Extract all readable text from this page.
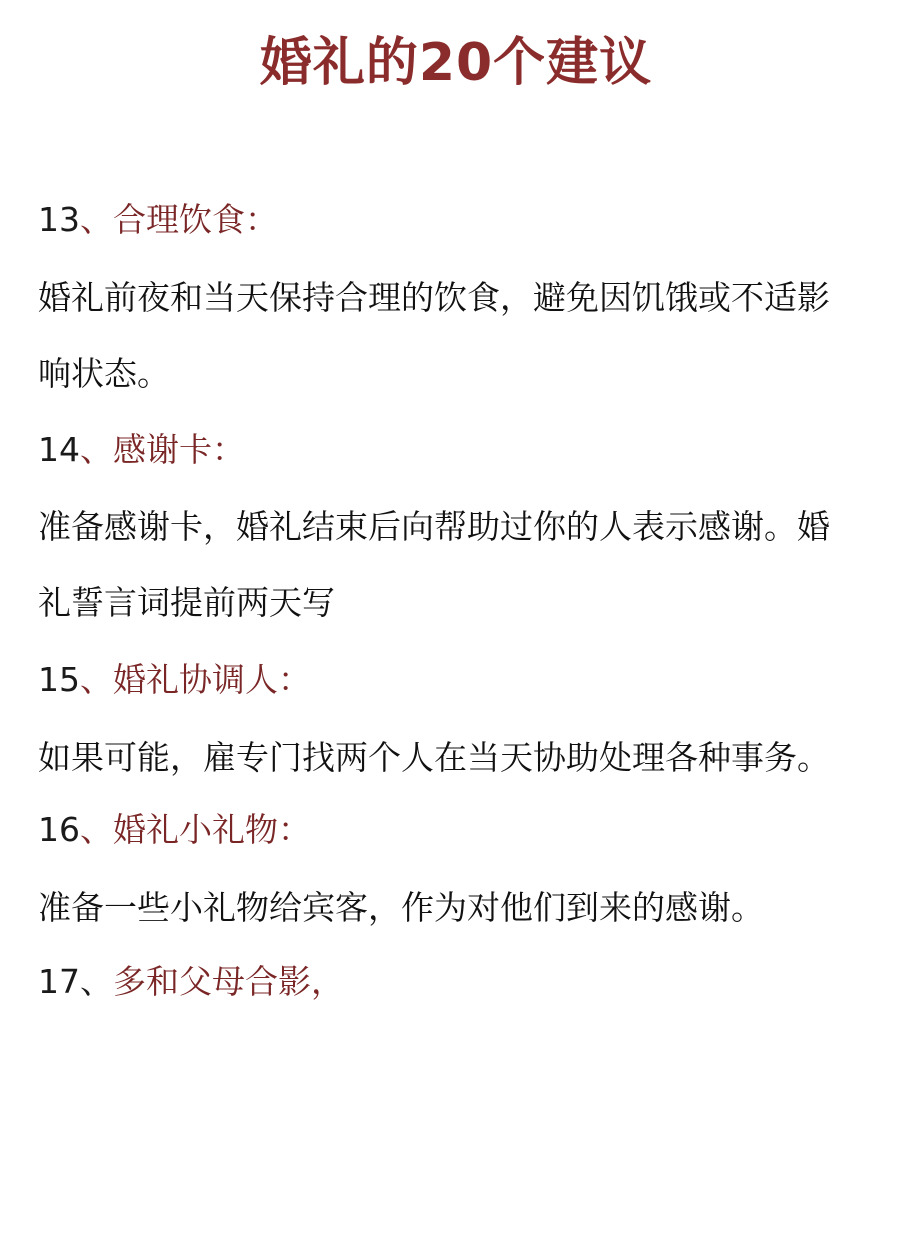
婚礼的20个建议
13、合理饮食：

婚礼前夜和当天保持合理的饮食，避免因饥饿或不适影
响状态。

14、感谢卡：

准备感谢卡，婚礼结束后向帮助过你的人表示感谢。婚
礼誓言词提前两天写

15、婚礼协调人：

如果可能，雇专门找两个人在当天协助处理各种事务。

16、婚礼小礼物：

准备一些小礼物给宾客，作为对他们到来的感谢。

17、多和父母合影，
